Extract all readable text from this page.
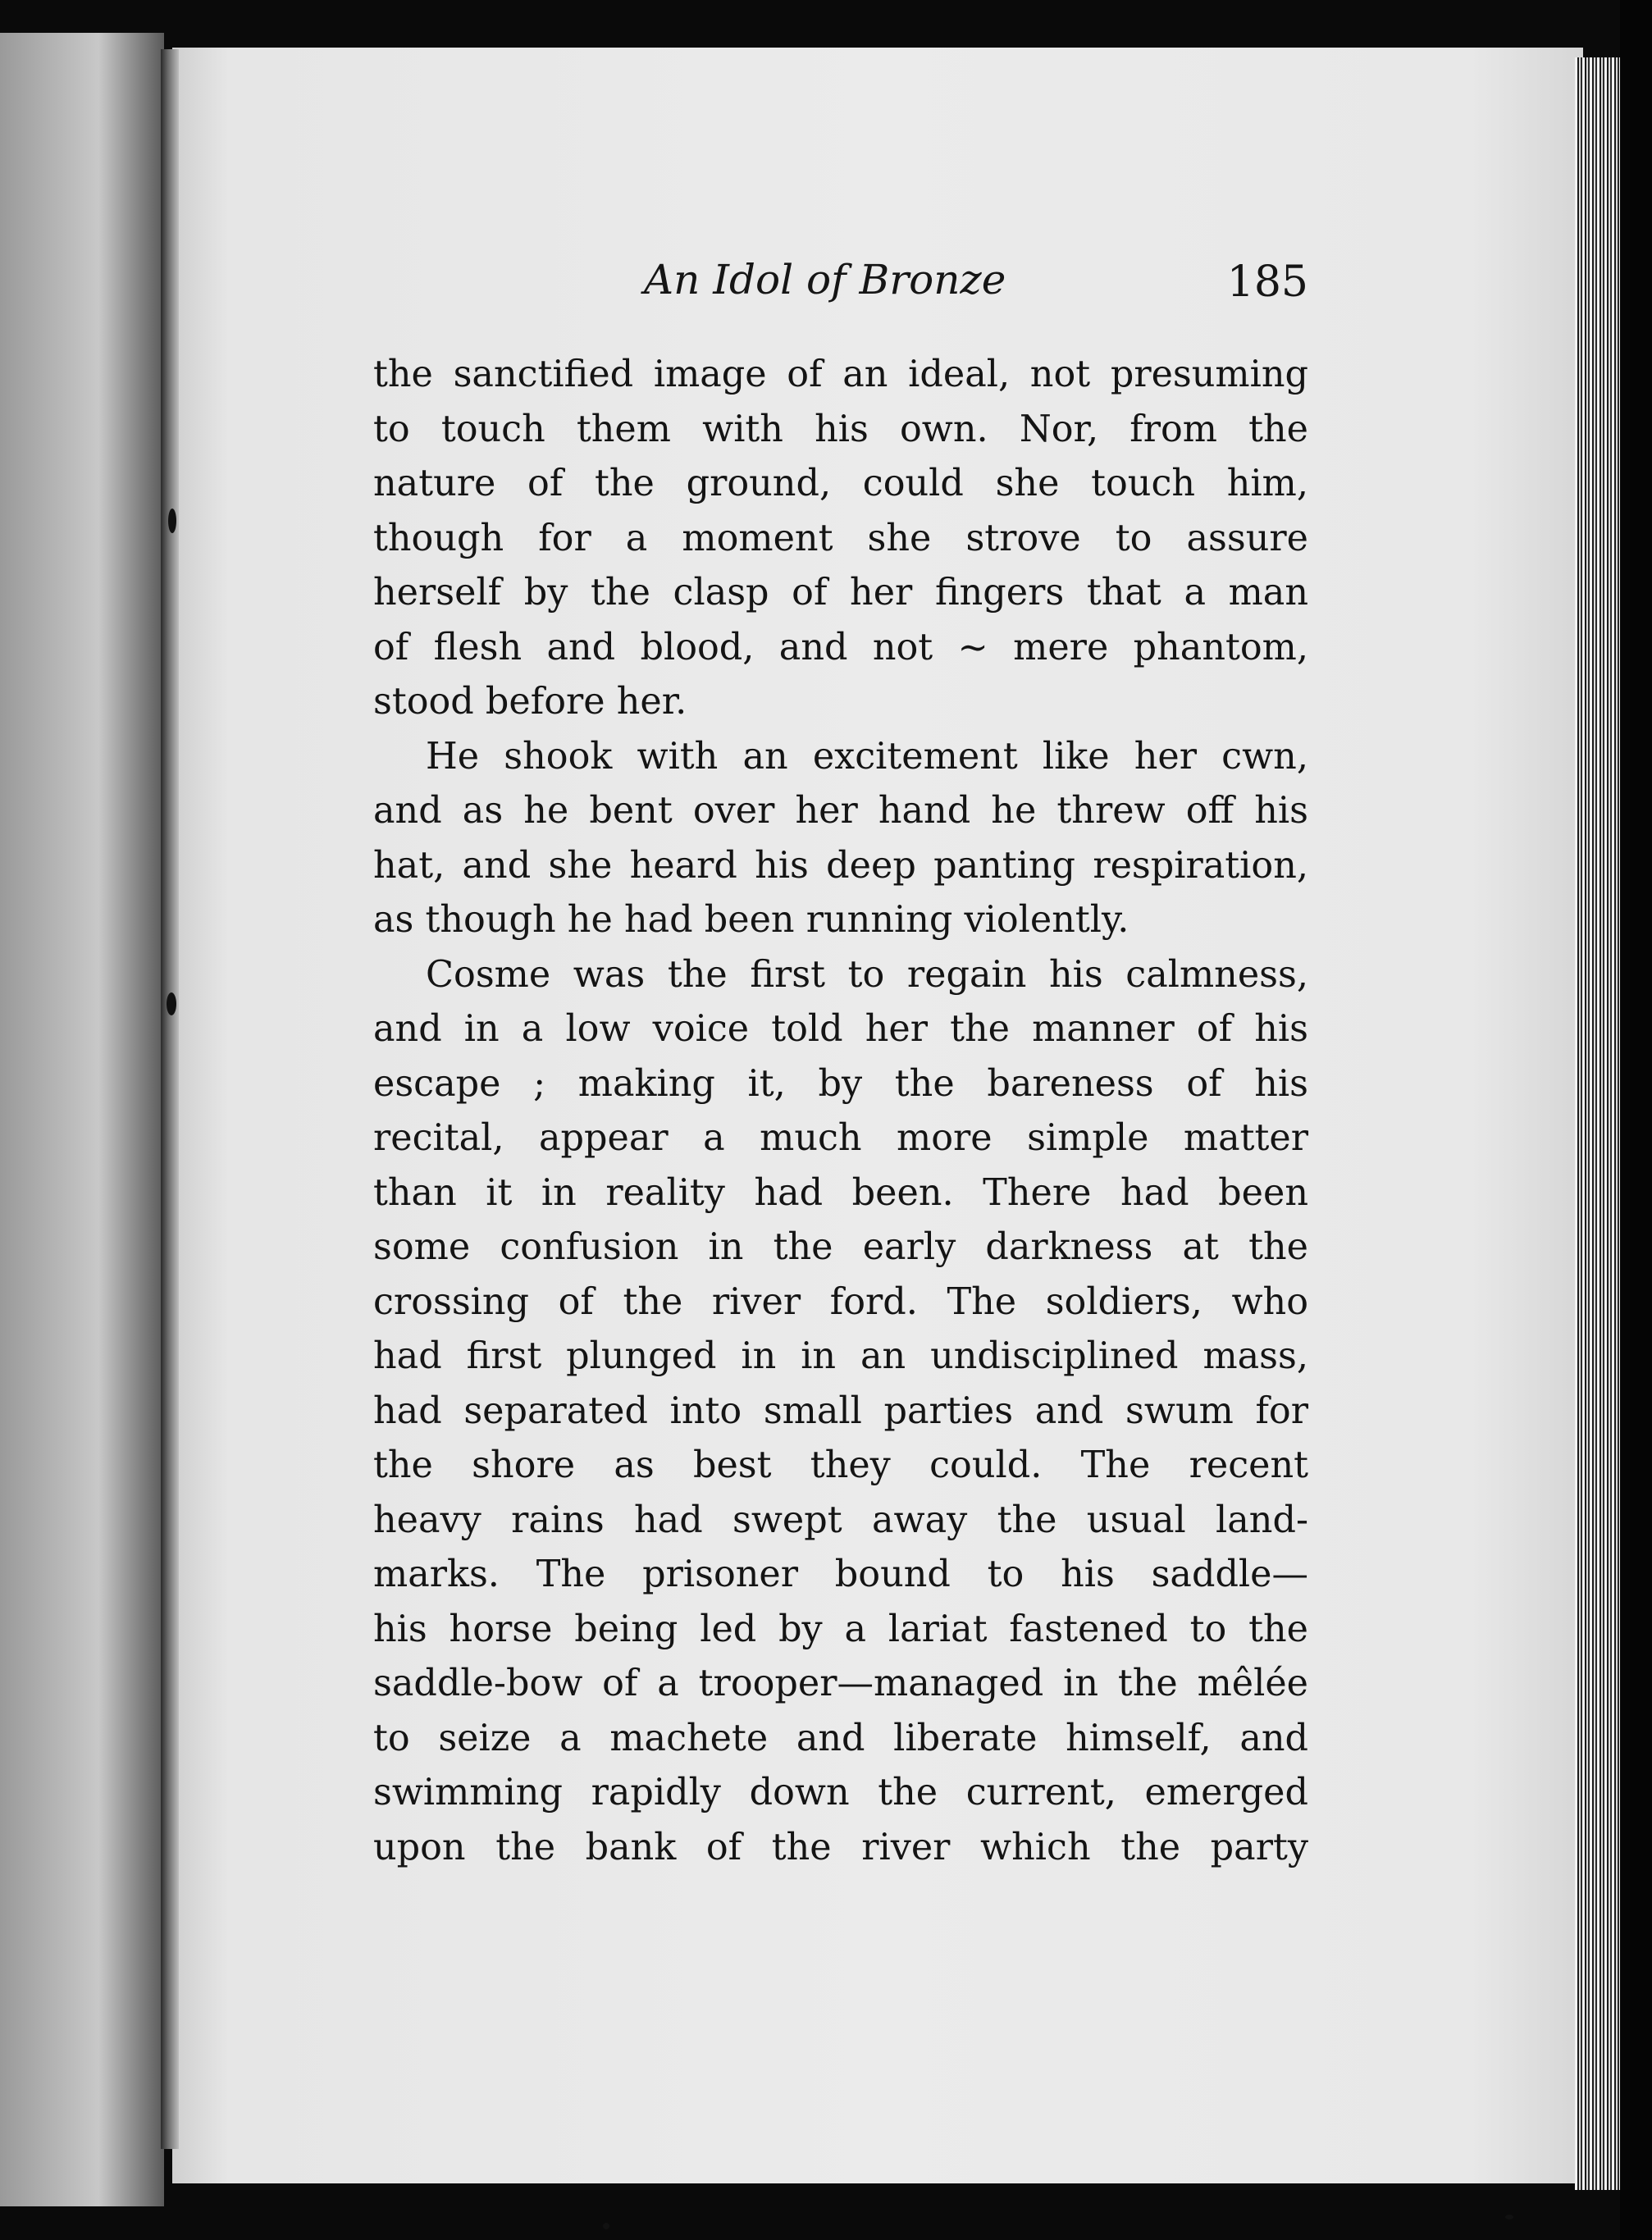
An Idol of Bronze	185
the sanctified image of an ideal, not presuming
to touch them with his own. Nor, from the
nature of the ground, could she touch him,
though for a moment she strove to assure
herself by the clasp of her fingers that a man
of flesh and blood, and not ~ mere phantom,
stood before her.
He shook with an excitement like her cwn,
and as he bent over her hand he threw off his
hat, and she heard his deep panting respiration,
as though he had been running violently.
Cosme was the first to regain his calmness,
and in a low voice told her the manner of his
escape ; making it, by the bareness of his
recital, appear a much more simple matter
than it in reality had been. There had been
some confusion in the early darkness at the
crossing of the river ford. The soldiers, who
had first plunged in in an undisciplined mass,
had separated into small parties and swum for
the shore as best they could. The recent
heavy rains had swept away the usual land-
marks. The prisoner bound to his saddle—
his horse being led by a lariat fastened to the
saddle-bow of a trooper—managed in the mêlée
to seize a machete and liberate himself, and
swimming rapidly down the current, emerged
upon the bank of the river which the party
